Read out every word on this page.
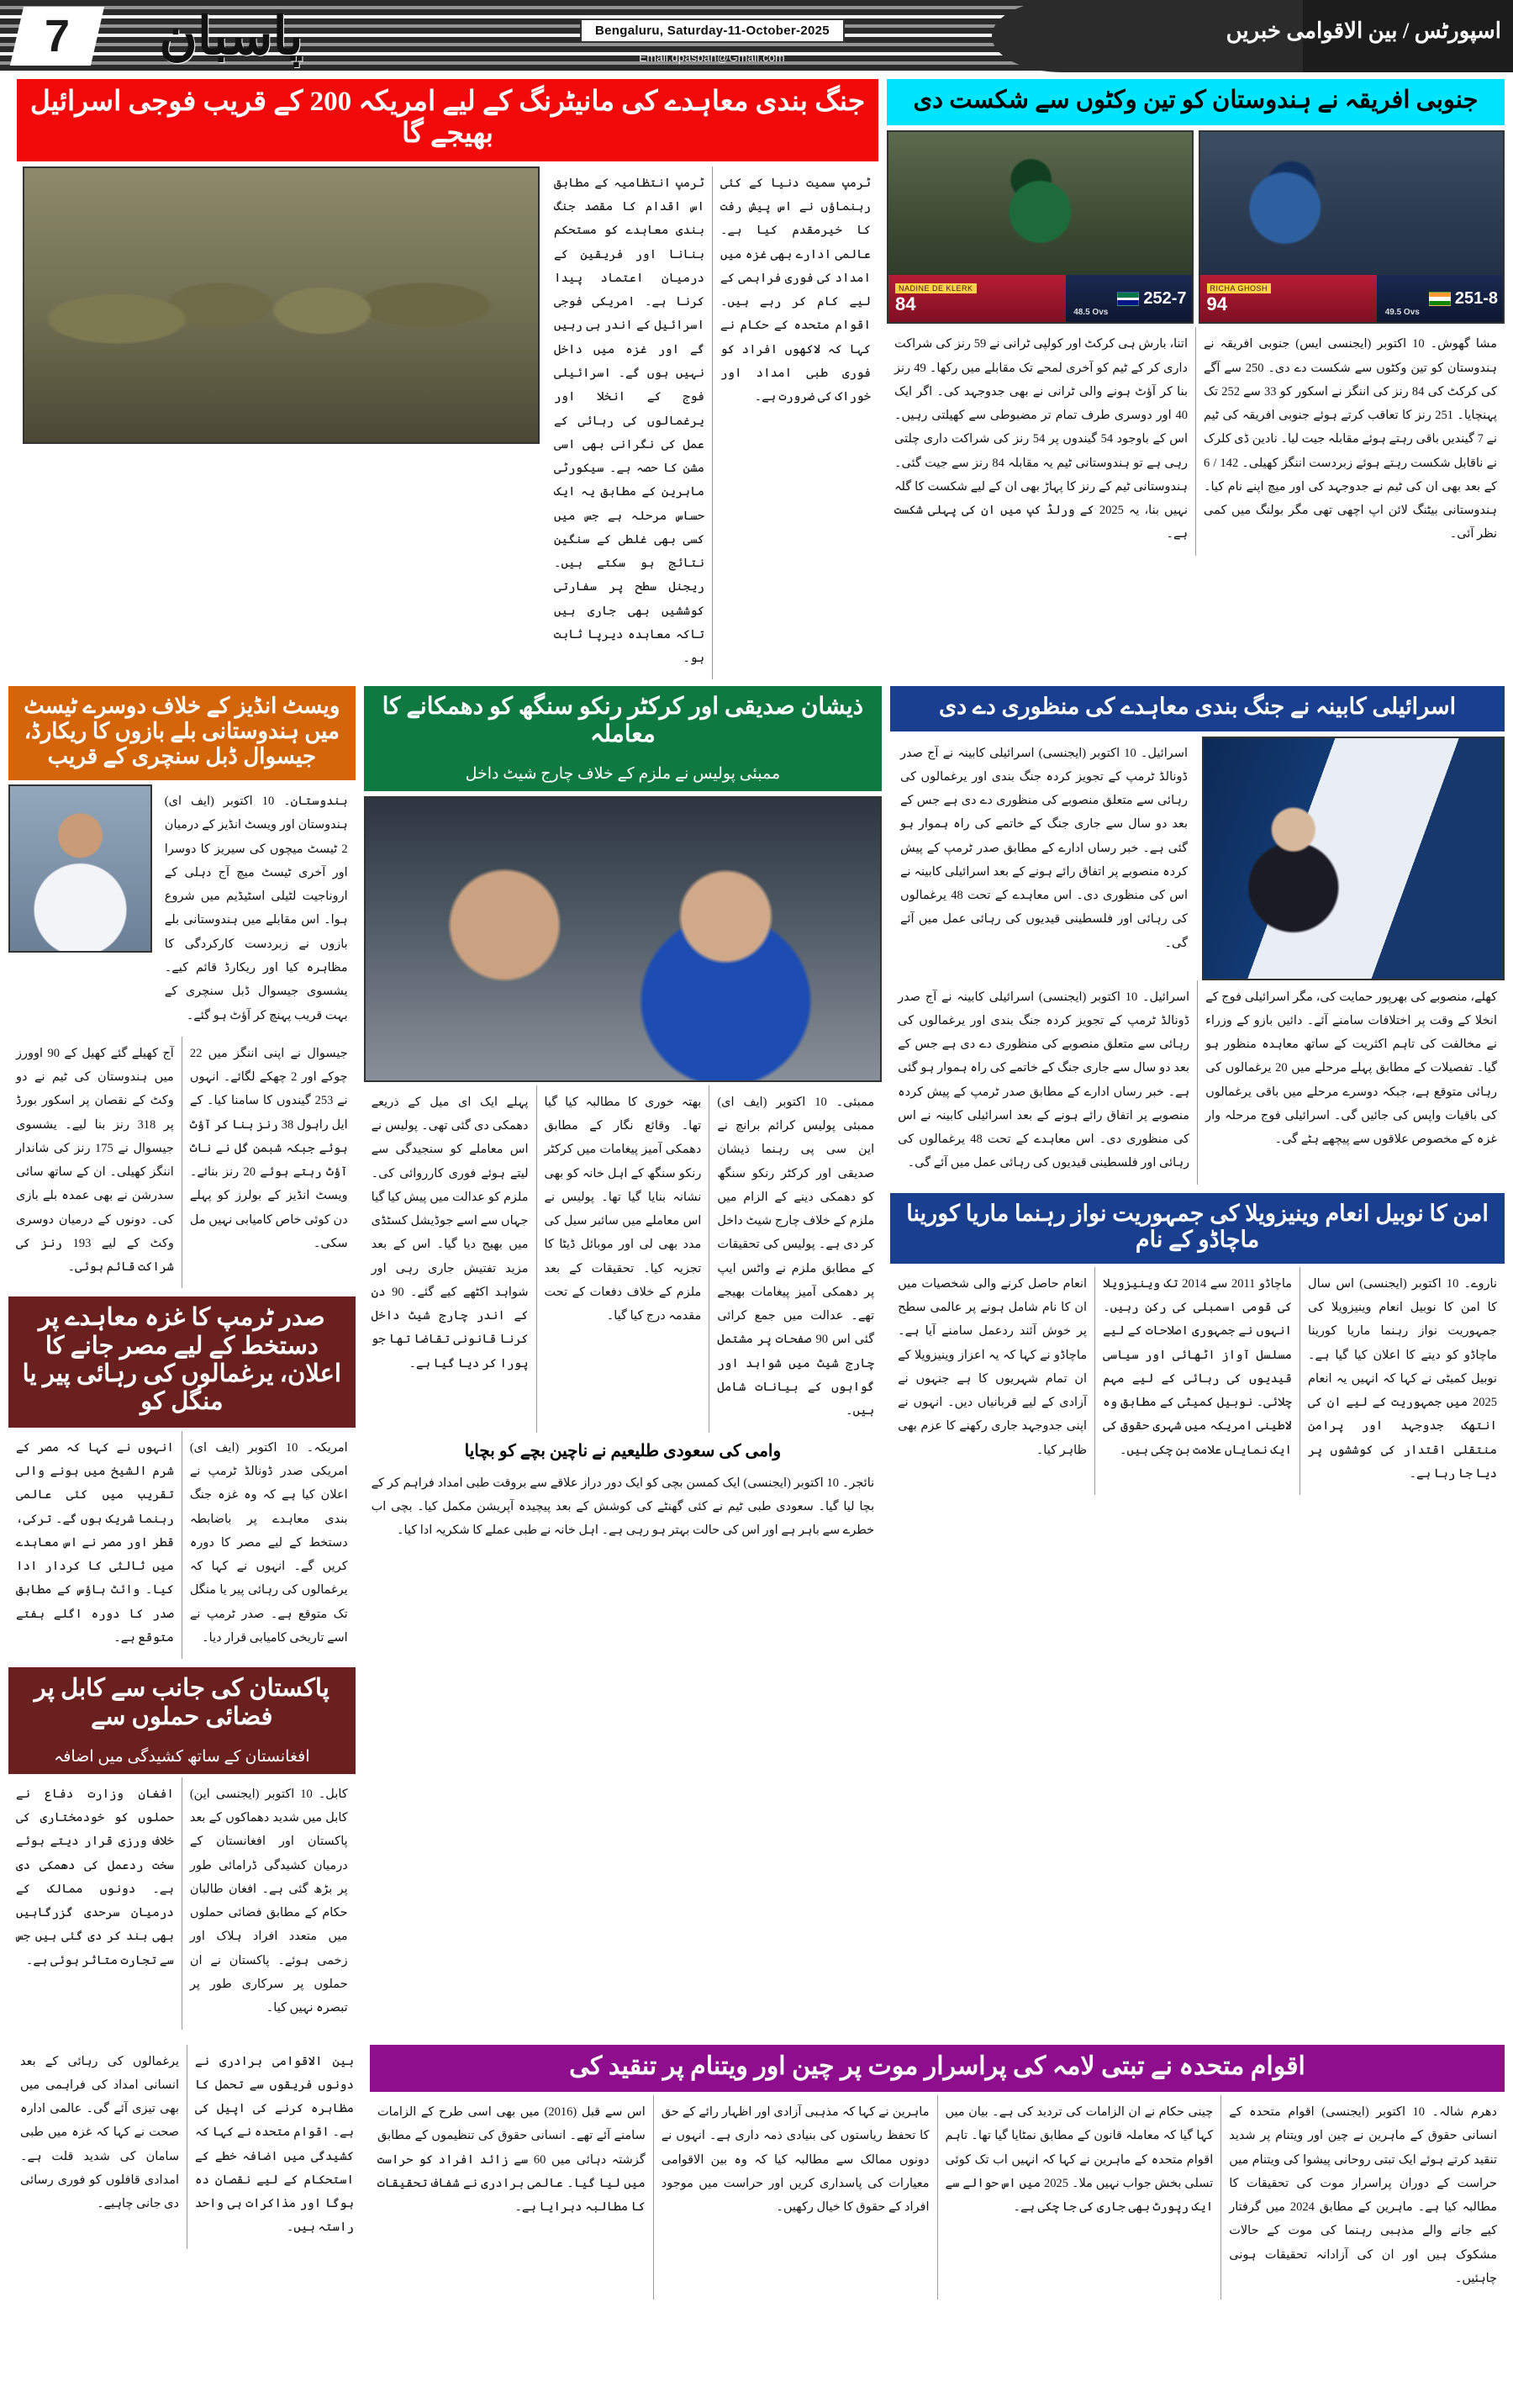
7 پاسبان	Bengaluru, Saturday-11-October-2025
Email.dpasban@Gmail.com
اسپورٹس / بین الاقوامی خبریں
جنوبی افریقہ نے ہندوستان کو تین وکٹوں سے شکست دی
RICHA GHOSH
94	49.5 Ovs
251-8
NADINE DE KLERK
84	48.5 Ovs
252-7

مشا گھوش۔ 10 اکتوبر (ایجنسی ایس) جنوبی افریقہ نے ہندوستان کو تین وکٹوں سے شکست دے دی۔ 250 سے آگے کی کرکٹ کی 84 رنز کی اننگز نے اسکور کو 33 سے 252 تک پہنچایا۔ 251 رنز کا تعاقب کرتے ہوئے جنوبی افریقہ کی ٹیم نے 7 گیندیں باقی رہتے ہوئے مقابلہ جیت لیا۔ نادین ڈی کلرک نے ناقابل شکست رہتے ہوئے زبردست اننگز کھیلی۔ 142 / 6 کے بعد بھی ان کی ٹیم نے جدوجہد کی اور میچ اپنے نام کیا۔ ہندوستانی بیٹنگ لائن اپ اچھی تھی مگر بولنگ میں کمی نظر آئی۔

اتنا، بارش ہی کرکٹ اور کولپی ٹرانی نے 59 رنز کی شراکت داری کر کے ٹیم کو آخری لمحے تک مقابلے میں رکھا۔ 49 رنز بنا کر آؤٹ ہونے والی ٹرانی نے بھی جدوجہد کی۔ اگر ایک 40 اور دوسری طرف تمام تر مضبوطی سے کھیلتی رہیں۔ اس کے باوجود 54 گیندوں پر 54 رنز کی شراکت داری چلتی رہی ہے تو ہندوستانی ٹیم یہ مقابلہ 84 رنز سے جیت گئی۔ ہندوستانی ٹیم کے رنز کا پہاڑ بھی ان کے لیے شکست کا گلہ نہیں بنا، یہ 2025 کے ورلڈ کپ میں ان کی پہلی شکست ہے۔

جنگ بندی معاہدے کی مانیٹرنگ کے لیے امریکہ 200 کے قریب فوجی اسرائیل بھیجے گا

ٹرمپ سمیت دنیا کے کئی رہنماؤں نے اس پیش رفت کا خیرمقدم کیا ہے۔ عالمی ادارے بھی غزہ میں امداد کی فوری فراہمی کے لیے کام کر رہے ہیں۔ اقوام متحدہ کے حکام نے کہا کہ لاکھوں افراد کو فوری طبی امداد اور خوراک کی ضرورت ہے۔

ٹرمپ انتظامیہ کے مطابق اس اقدام کا مقصد جنگ بندی معاہدے کو مستحکم بنانا اور فریقین کے درمیان اعتماد پیدا کرنا ہے۔ امریکی فوجی اسرائیل کے اندر ہی رہیں گے اور غزہ میں داخل نہیں ہوں گے۔ اسرائیلی فوج کے انخلا اور یرغمالوں کی رہائی کے عمل کی نگرانی بھی اسی مشن کا حصہ ہے۔ سیکورٹی ماہرین کے مطابق یہ ایک حساس مرحلہ ہے جس میں کسی بھی غلطی کے سنگین نتائج ہو سکتے ہیں۔ ریجنل سطح پر سفارتی کوششیں بھی جاری ہیں تاکہ معاہدہ دیرپا ثابت ہو۔

اسرائیلی کابینہ نے جنگ بندی معاہدے کی منظوری دے دی

اسرائیل۔ 10 اکتوبر (ایجنسی) اسرائیلی کابینہ نے آج صدر ڈونالڈ ٹرمپ کے تجویز کردہ جنگ بندی اور یرغمالوں کی رہائی سے متعلق منصوبے کی منظوری دے دی ہے جس کے بعد دو سال سے جاری جنگ کے خاتمے کی راہ ہموار ہو گئی ہے۔ خبر رساں ادارے کے مطابق صدر ٹرمپ کے پیش کردہ منصوبے پر اتفاق رائے ہونے کے بعد اسرائیلی کابینہ نے اس کی منظوری دی۔ اس معاہدے کے تحت 48 یرغمالوں کی رہائی اور فلسطینی قیدیوں کی رہائی عمل میں آئے گی۔

کھلے، منصوبے کی بھرپور حمایت کی، مگر اسرائیلی فوج کے انخلا کے وقت پر اختلافات سامنے آئے۔ دائیں بازو کے وزراء نے مخالفت کی تاہم اکثریت کے ساتھ معاہدہ منظور ہو گیا۔ تفصیلات کے مطابق پہلے مرحلے میں 20 یرغمالوں کی رہائی متوقع ہے، جبکہ دوسرے مرحلے میں باقی یرغمالوں کی باقیات واپس کی جائیں گی۔ اسرائیلی فوج مرحلہ وار غزہ کے مخصوص علاقوں سے پیچھے ہٹے گی۔

اسرائیل۔ 10 اکتوبر (ایجنسی) اسرائیلی کابینہ نے آج صدر ڈونالڈ ٹرمپ کے تجویز کردہ جنگ بندی اور یرغمالوں کی رہائی سے متعلق منصوبے کی منظوری دے دی ہے جس کے بعد دو سال سے جاری جنگ کے خاتمے کی راہ ہموار ہو گئی ہے۔ خبر رساں ادارے کے مطابق صدر ٹرمپ کے پیش کردہ منصوبے پر اتفاق رائے ہونے کے بعد اسرائیلی کابینہ نے اس کی منظوری دی۔ اس معاہدے کے تحت 48 یرغمالوں کی رہائی اور فلسطینی قیدیوں کی رہائی عمل میں آئے گی۔

امن کا نوبیل انعام وینیزویلا کی جمہوریت نواز رہنما ماریا کورینا ماچاڈو کے نام

ناروے۔ 10 اکتوبر (ایجنسی) اس سال کا امن کا نوبیل انعام وینیزویلا کی جمہوریت نواز رہنما ماریا کورینا ماچاڈو کو دینے کا اعلان کیا گیا ہے۔ نوبیل کمیٹی نے کہا کہ انہیں یہ انعام 2025 میں جمہوریت کے لیے ان کی انتھک جدوجہد اور پرامن منتقلی اقتدار کی کوششوں پر دیا جا رہا ہے۔

ماچاڈو 2011 سے 2014 تک وینیزویلا کی قومی اسمبلی کی رکن رہیں۔ انہوں نے جمہوری اصلاحات کے لیے مسلسل آواز اٹھائی اور سیاسی قیدیوں کی رہائی کے لیے مہم چلائی۔ نوبیل کمیٹی کے مطابق وہ لاطینی امریکہ میں شہری حقوق کی ایک نمایاں علامت بن چکی ہیں۔

انعام حاصل کرنے والی شخصیات میں ان کا نام شامل ہونے پر عالمی سطح پر خوش آئند ردعمل سامنے آیا ہے۔ ماچاڈو نے کہا کہ یہ اعزاز وینیزویلا کے ان تمام شہریوں کا ہے جنہوں نے آزادی کے لیے قربانیاں دیں۔ انہوں نے اپنی جدوجہد جاری رکھنے کا عزم بھی ظاہر کیا۔

ذیشان صدیقی اور کرکٹر رنکو سنگھ کو دھمکانے کا معاملہ
ممبئی پولیس نے ملزم کے خلاف چارج شیٹ داخل

ممبئی۔ 10 اکتوبر (ایف ای) ممبئی پولیس کرائم برانچ نے این سی پی رہنما ذیشان صدیقی اور کرکٹر رنکو سنگھ کو دھمکی دینے کے الزام میں ملزم کے خلاف چارج شیٹ داخل کر دی ہے۔ پولیس کی تحقیقات کے مطابق ملزم نے واٹس ایپ پر دھمکی آمیز پیغامات بھیجے تھے۔ عدالت میں جمع کرائی گئی اس 90 صفحات پر مشتمل چارج شیٹ میں شواہد اور گواہوں کے بیانات شامل ہیں۔

بھتہ خوری کا مطالبہ کیا گیا تھا۔ وقائع نگار کے مطابق دھمکی آمیز پیغامات میں کرکٹر رنکو سنگھ کے اہل خانہ کو بھی نشانہ بنایا گیا تھا۔ پولیس نے اس معاملے میں سائبر سیل کی مدد بھی لی اور موبائل ڈیٹا کا تجزیہ کیا۔ تحقیقات کے بعد ملزم کے خلاف دفعات کے تحت مقدمہ درج کیا گیا۔

پہلے ایک ای میل کے ذریعے دھمکی دی گئی تھی۔ پولیس نے اس معاملے کو سنجیدگی سے لیتے ہوئے فوری کارروائی کی۔ ملزم کو عدالت میں پیش کیا گیا جہاں سے اسے جوڈیشل کسٹڈی میں بھیج دیا گیا۔ اس کے بعد مزید تفتیش جاری رہی اور شواہد اکٹھے کیے گئے۔ 90 دن کے اندر چارج شیٹ داخل کرنا قانونی تقاضا تھا جو پورا کر دیا گیا ہے۔

وامی کی سعودی طلیعیم نے ناچین بچے کو بچایا

نائجر۔ 10 اکتوبر (ایجنسی) ایک کمسن بچی کو ایک دور دراز علاقے سے بروقت طبی امداد فراہم کر کے بچا لیا گیا۔ سعودی طبی ٹیم نے کئی گھنٹے کی کوشش کے بعد پیچیدہ آپریشن مکمل کیا۔ بچی اب خطرے سے باہر ہے اور اس کی حالت بہتر ہو رہی ہے۔ اہل خانہ نے طبی عملے کا شکریہ ادا کیا۔

ویسٹ انڈیز کے خلاف دوسرے ٹیسٹ میں ہندوستانی بلے بازوں کا ریکارڈ، جیسوال ڈبل سنچری کے قریب

ہندوستان۔ 10 اکتوبر (ایف ای) ہندوستان اور ویسٹ انڈیز کے درمیان 2 ٹیسٹ میچوں کی سیریز کا دوسرا اور آخری ٹیسٹ میچ آج دہلی کے اروناجیت لٹیلی اسٹیڈیم میں شروع ہوا۔ اس مقابلے میں ہندوستانی بلے بازوں نے زبردست کارکردگی کا مظاہرہ کیا اور ریکارڈ قائم کیے۔ یشسوی جیسوال ڈبل سنچری کے بہت قریب پہنچ کر آؤٹ ہو گئے۔

جیسوال نے اپنی اننگز میں 22 چوکے اور 2 چھکے لگائے۔ انہوں نے 253 گیندوں کا سامنا کیا۔ کے ایل راہول 38 رنز بنا کر آؤٹ ہوئے جبکہ شبمن گل نے ناٹ آؤٹ رہتے ہوئے 20 رنز بنائے۔ ویسٹ انڈیز کے بولرز کو پہلے دن کوئی خاص کامیابی نہیں مل سکی۔

آج کھیلے گئے کھیل کے 90 اوورز میں ہندوستان کی ٹیم نے دو وکٹ کے نقصان پر اسکور بورڈ پر 318 رنز بنا لیے۔ یشسوی جیسوال نے 175 رنز کی شاندار اننگز کھیلی۔ ان کے ساتھ سائی سدرشن نے بھی عمدہ بلے بازی کی۔ دونوں کے درمیان دوسری وکٹ کے لیے 193 رنز کی شراکت قائم ہوئی۔

صدر ٹرمپ کا غزہ معاہدے پر دستخط کے لیے مصر جانے کا اعلان، یرغمالوں کی رہائی پیر یا منگل کو

امریکہ۔ 10 اکتوبر (ایف ای) امریکی صدر ڈونالڈ ٹرمپ نے اعلان کیا ہے کہ وہ غزہ جنگ بندی معاہدے پر باضابطہ دستخط کے لیے مصر کا دورہ کریں گے۔ انہوں نے کہا کہ یرغمالوں کی رہائی پیر یا منگل تک متوقع ہے۔ صدر ٹرمپ نے اسے تاریخی کامیابی قرار دیا۔

انہوں نے کہا کہ مصر کے شرم الشیخ میں ہونے والی تقریب میں کئی عالمی رہنما شریک ہوں گے۔ ترکی، قطر اور مصر نے اس معاہدے میں ثالثی کا کردار ادا کیا۔ وائٹ ہاؤس کے مطابق صدر کا دورہ اگلے ہفتے متوقع ہے۔

پاکستان کی جانب سے کابل پر فضائی حملوں سے
افغانستان کے ساتھ کشیدگی میں اضافہ

کابل۔ 10 اکتوبر (ایجنسی این) کابل میں شدید دھماکوں کے بعد پاکستان اور افغانستان کے درمیان کشیدگی ڈرامائی طور پر بڑھ گئی ہے۔ افغان طالبان حکام کے مطابق فضائی حملوں میں متعدد افراد ہلاک اور زخمی ہوئے۔ پاکستان نے ان حملوں پر سرکاری طور پر تبصرہ نہیں کیا۔

افغان وزارت دفاع نے حملوں کو خودمختاری کی خلاف ورزی قرار دیتے ہوئے سخت ردعمل کی دھمکی دی ہے۔ دونوں ممالک کے درمیان سرحدی گزرگاہیں بھی بند کر دی گئی ہیں جس سے تجارت متاثر ہوئی ہے۔

اقوام متحدہ نے تبتی لامہ کی پراسرار موت پر چین اور ویتنام پر تنقید کی

دھرم شالہ۔ 10 اکتوبر (ایجنسی) اقوام متحدہ کے انسانی حقوق کے ماہرین نے چین اور ویتنام پر شدید تنقید کرتے ہوئے ایک تبتی روحانی پیشوا کی ویتنام میں حراست کے دوران پراسرار موت کی تحقیقات کا مطالبہ کیا ہے۔ ماہرین کے مطابق 2024 میں گرفتار کیے جانے والے مذہبی رہنما کی موت کے حالات مشکوک ہیں اور ان کی آزادانہ تحقیقات ہونی چاہئیں۔

چینی حکام نے ان الزامات کی تردید کی ہے۔ بیان میں کہا گیا کہ معاملہ قانون کے مطابق نمٹایا گیا تھا۔ تاہم اقوام متحدہ کے ماہرین نے کہا کہ انہیں اب تک کوئی تسلی بخش جواب نہیں ملا۔ 2025 میں اس حوالے سے ایک رپورٹ بھی جاری کی جا چکی ہے۔

ماہرین نے کہا کہ مذہبی آزادی اور اظہار رائے کے حق کا تحفظ ریاستوں کی بنیادی ذمہ داری ہے۔ انہوں نے دونوں ممالک سے مطالبہ کیا کہ وہ بین الاقوامی معیارات کی پاسداری کریں اور حراست میں موجود افراد کے حقوق کا خیال رکھیں۔

اس سے قبل (2016) میں بھی اسی طرح کے الزامات سامنے آئے تھے۔ انسانی حقوق کی تنظیموں کے مطابق گزشتہ دہائی میں 60 سے زائد افراد کو حراست میں لیا گیا۔ عالمی برادری نے شفاف تحقیقات کا مطالبہ دہرایا ہے۔

بین الاقوامی برادری نے دونوں فریقوں سے تحمل کا مظاہرہ کرنے کی اپیل کی ہے۔ اقوام متحدہ نے کہا کہ کشیدگی میں اضافہ خطے کے استحکام کے لیے نقصان دہ ہوگا اور مذاکرات ہی واحد راستہ ہیں۔

یرغمالوں کی رہائی کے بعد انسانی امداد کی فراہمی میں بھی تیزی آئے گی۔ عالمی ادارہ صحت نے کہا کہ غزہ میں طبی سامان کی شدید قلت ہے۔ امدادی قافلوں کو فوری رسائی دی جانی چاہیے۔
